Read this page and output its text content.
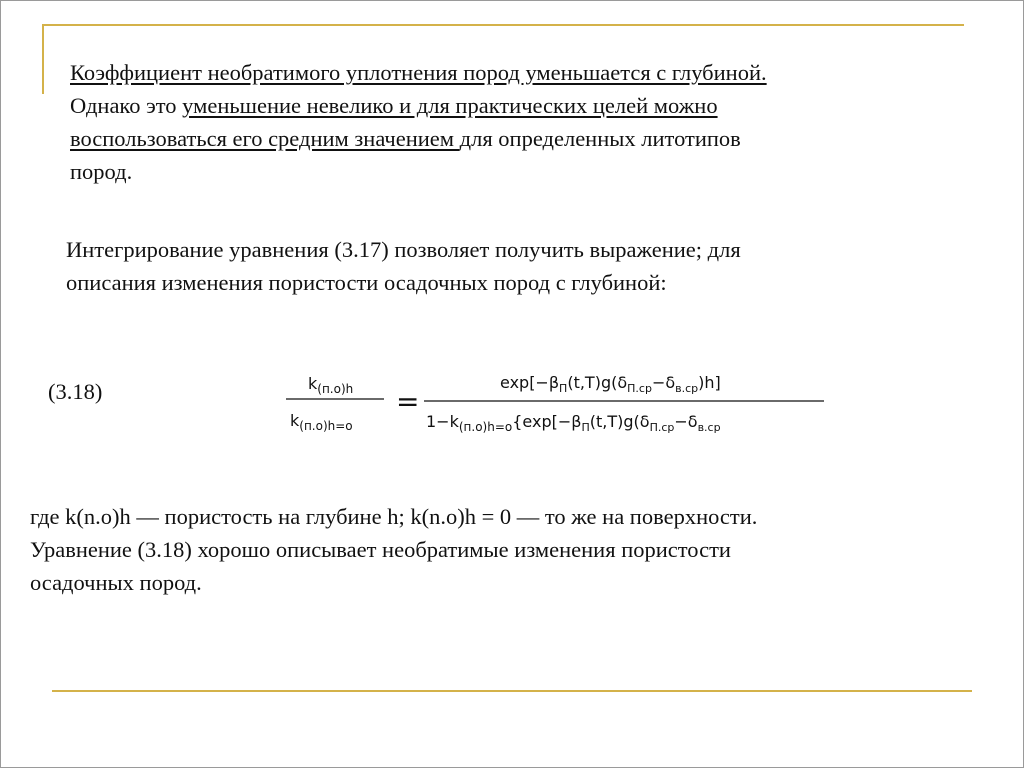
Коэффициент необратимого уплотнения пород уменьшается с глубиной.
Однако это уменьшение невелико и для практических целей можно
воспользоваться его средним значением для определенных литотипов
пород.
Интегрирование уравнения (3.17) позволяет получить выражение; для
описания изменения пористости осадочных пород с глубиной:
(3.18)	$k_{(п.о)h}$
$k_{(п.о)h=о}$
=
$\exp[-\beta_П(t,T)g(\delta_{П.ср}-\delta_{в.ср})h]$
$1-k_{(п.о)h=о}\{\exp[-\beta_П(t,T)g(\delta_{П.ср}-\delta_{в.ср}$
где k(n.o)h — пористость на глубине h; k(n.o)h = 0 — то же на поверхности.
Уравнение (3.18) хорошо описывает необратимые изменения пористости
осадочных пород.
